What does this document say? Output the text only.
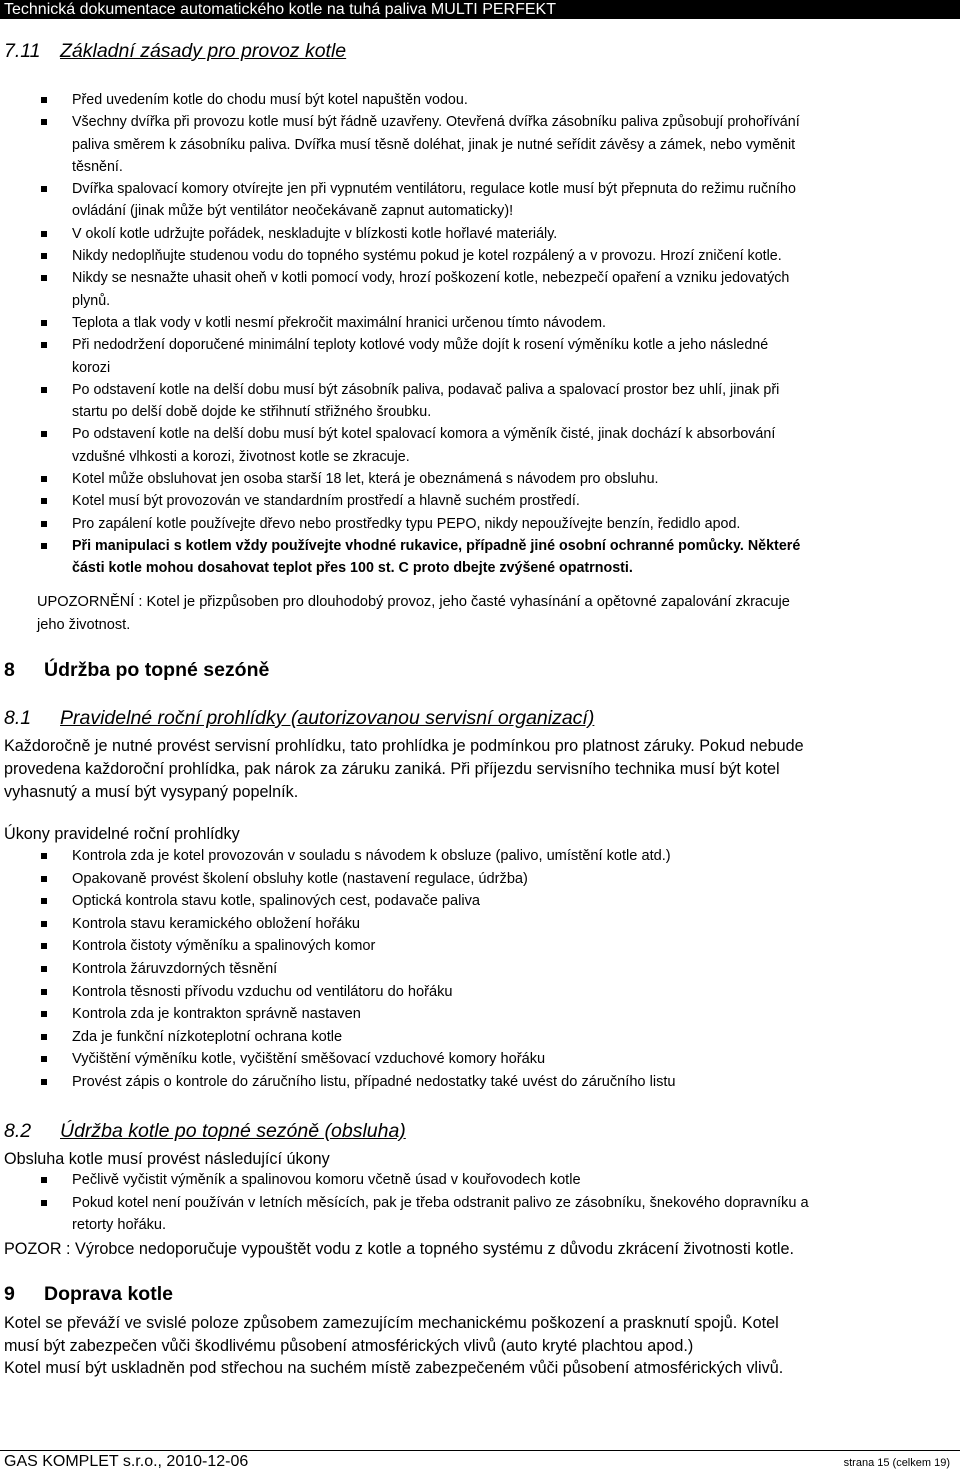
Technická dokumentace automatického kotle na tuhá paliva MULTI PERFEKT
7.11 Základní zásady pro provoz kotle
Před uvedením kotle do chodu musí být kotel napuštěn vodou.
Všechny dvířka při provozu kotle musí být řádně uzavřeny. Otevřená dvířka zásobníku paliva způsobují prohořívání
paliva směrem k zásobníku paliva. Dvířka musí těsně doléhat, jinak je nutné seřídit závěsy a zámek, nebo vyměnit
těsnění.
Dvířka spalovací komory otvírejte jen při vypnutém ventilátoru, regulace kotle musí být přepnuta do režimu ručního
ovládání (jinak může být ventilátor neočekávaně zapnut automaticky)!
V okolí kotle udržujte pořádek, neskladujte v blízkosti kotle hořlavé materiály.
Nikdy nedoplňujte studenou vodu do topného systému pokud je kotel rozpálený a v provozu. Hrozí zničení kotle.
Nikdy se nesnažte uhasit oheň v kotli pomocí vody, hrozí poškození kotle, nebezpečí opaření a vzniku jedovatých
plynů.
Teplota a tlak vody v kotli nesmí překročit maximální hranici určenou tímto návodem.
Při nedodržení doporučené minimální teploty kotlové vody může dojít k rosení výměníku kotle a jeho následné
korozi
Po odstavení kotle na delší dobu musí být zásobník paliva, podavač paliva a spalovací prostor bez uhlí, jinak při
startu po delší době dojde ke střihnutí střižného šroubku.
Po odstavení kotle na delší dobu musí být kotel spalovací komora a výměník čisté, jinak dochází k absorbování
vzdušné vlhkosti a korozi, životnost kotle se zkracuje.
Kotel může obsluhovat jen osoba starší 18 let, která je obeznámená s návodem pro obsluhu.
Kotel musí být provozován ve standardním prostředí a hlavně suchém prostředí.
Pro zapálení kotle používejte dřevo nebo prostředky typu PEPO, nikdy nepoužívejte benzín, ředidlo apod.
Při manipulaci s kotlem vždy používejte vhodné rukavice, případně jiné osobní ochranné pomůcky. Některé
části kotle mohou dosahovat teplot přes 100 st. C proto dbejte zvýšené opatrnosti.
UPOZORNĚNÍ : Kotel je přizpůsoben pro dlouhodobý provoz, jeho časté vyhasínání a opětovné zapalování zkracuje
jeho životnost.
8 Údržba po topné sezóně
8.1 Pravidelné roční prohlídky (autorizovanou servisní organizací)
Každoročně je nutné provést servisní prohlídku, tato prohlídka je podmínkou pro platnost záruky. Pokud nebude
provedena každoroční prohlídka, pak nárok za záruku zaniká. Při příjezdu servisního technika musí být kotel
vyhasnutý a musí být vysypaný popelník.
Úkony pravidelné roční prohlídky
Kontrola zda je kotel provozován v souladu s návodem k obsluze (palivo, umístění kotle atd.)
Opakovaně provést školení obsluhy kotle (nastavení regulace, údržba)
Optická kontrola stavu kotle, spalinových cest, podavače paliva
Kontrola stavu keramického obložení hořáku
Kontrola čistoty výměníku a spalinových komor
Kontrola žáruvzdorných těsnění
Kontrola těsnosti přívodu vzduchu od ventilátoru do hořáku
Kontrola zda je kontrakton správně nastaven
Zda je funkční nízkoteplotní ochrana kotle
Vyčištění výměníku kotle, vyčištění směšovací vzduchové komory hořáku
Provést zápis o kontrole do záručního listu, případné nedostatky také uvést do záručního listu
8.2 Údržba kotle po topné sezóně (obsluha)
Obsluha kotle musí provést následující úkony
Pečlivě vyčistit výměník a spalinovou komoru včetně úsad v kouřovodech kotle
Pokud kotel není používán v letních měsících, pak je třeba odstranit palivo ze zásobníku, šnekového dopravníku a
retorty hořáku.
POZOR : Výrobce nedoporučuje vypouštět vodu z kotle a topného systému z důvodu zkrácení životnosti kotle.
9 Doprava kotle
Kotel se převáží ve svislé poloze způsobem zamezujícím mechanickému poškození a prasknutí spojů. Kotel
musí být zabezpečen vůči škodlivému působení atmosférických vlivů (auto kryté plachtou apod.)
Kotel musí být uskladněn pod střechou na suchém místě zabezpečeném vůči působení atmosférických vlivů.
GAS KOMPLET s.r.o., 2010-12-06	strana 15 (celkem 19)
